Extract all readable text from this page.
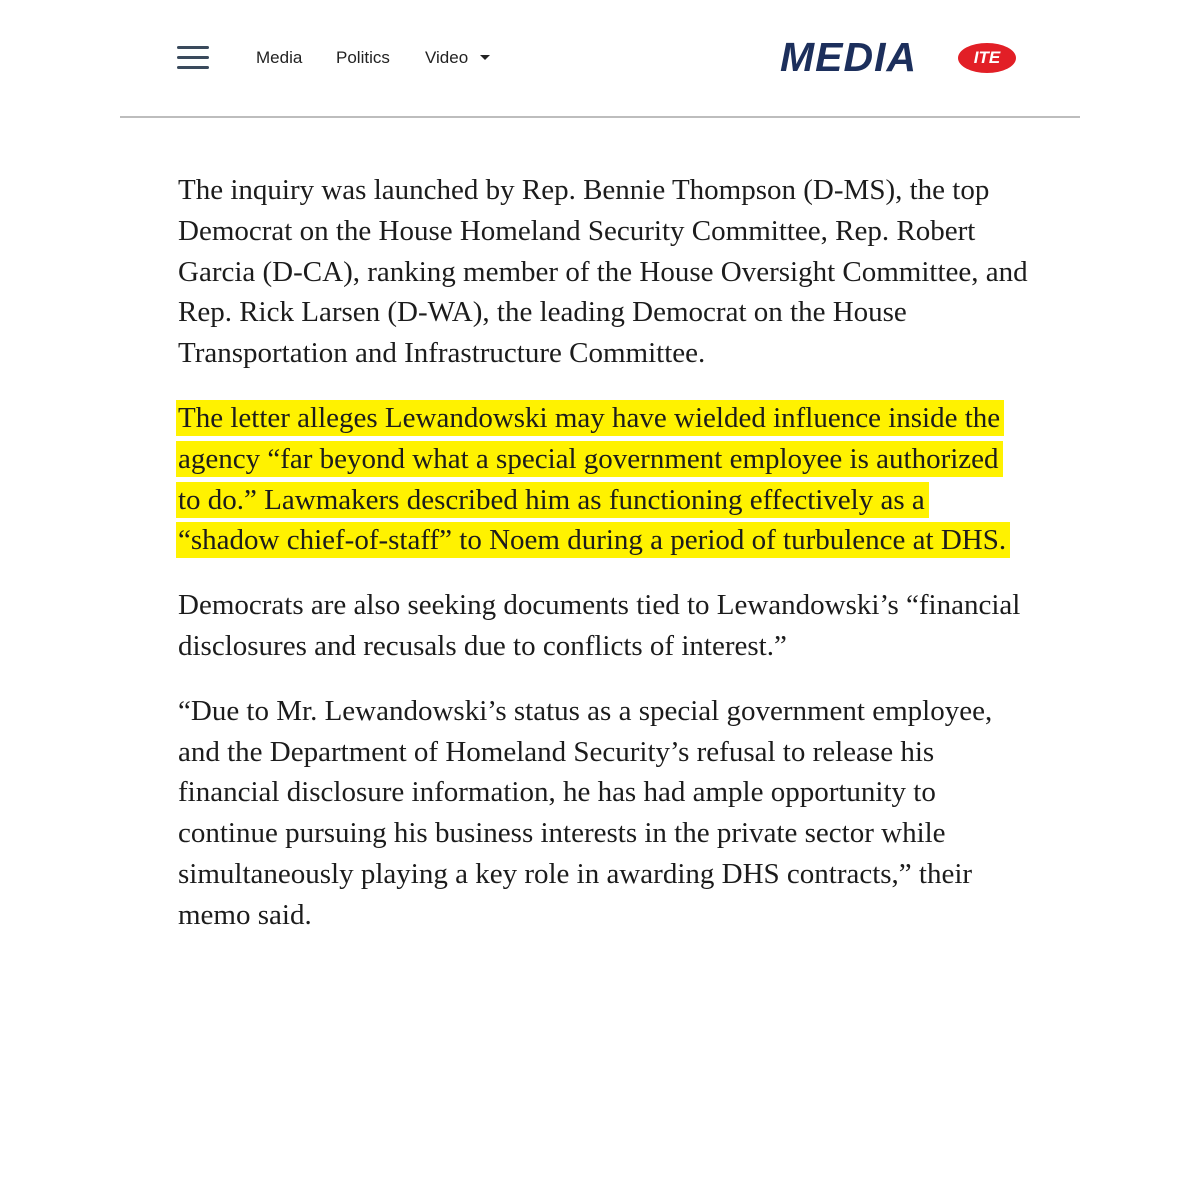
Media Politics Video	MEDIA	ITE

The inquiry was launched by Rep. Bennie Thompson (D-MS), the top Democrat on the House Homeland Security Committee, Rep. Robert Garcia (D-CA), ranking member of the House Oversight Committee, and Rep. Rick Larsen (D-WA), the leading Democrat on the House Transportation and Infrastructure Committee.

The letter alleges Lewandowski may have wielded influence inside the agency “far beyond what a special government employee is authorized to do.” Lawmakers described him as functioning effectively as a “shadow chief-of-staff” to Noem during a period of turbulence at DHS.

Democrats are also seeking documents tied to Lewandowski’s “financial disclosures and recusals due to conflicts of interest.”

“Due to Mr. Lewandowski’s status as a special government employee, and the Department of Homeland Security’s refusal to release his financial disclosure information, he has had ample opportunity to continue pursuing his business interests in the private sector while simultaneously playing a key role in awarding DHS contracts,” their memo said.
